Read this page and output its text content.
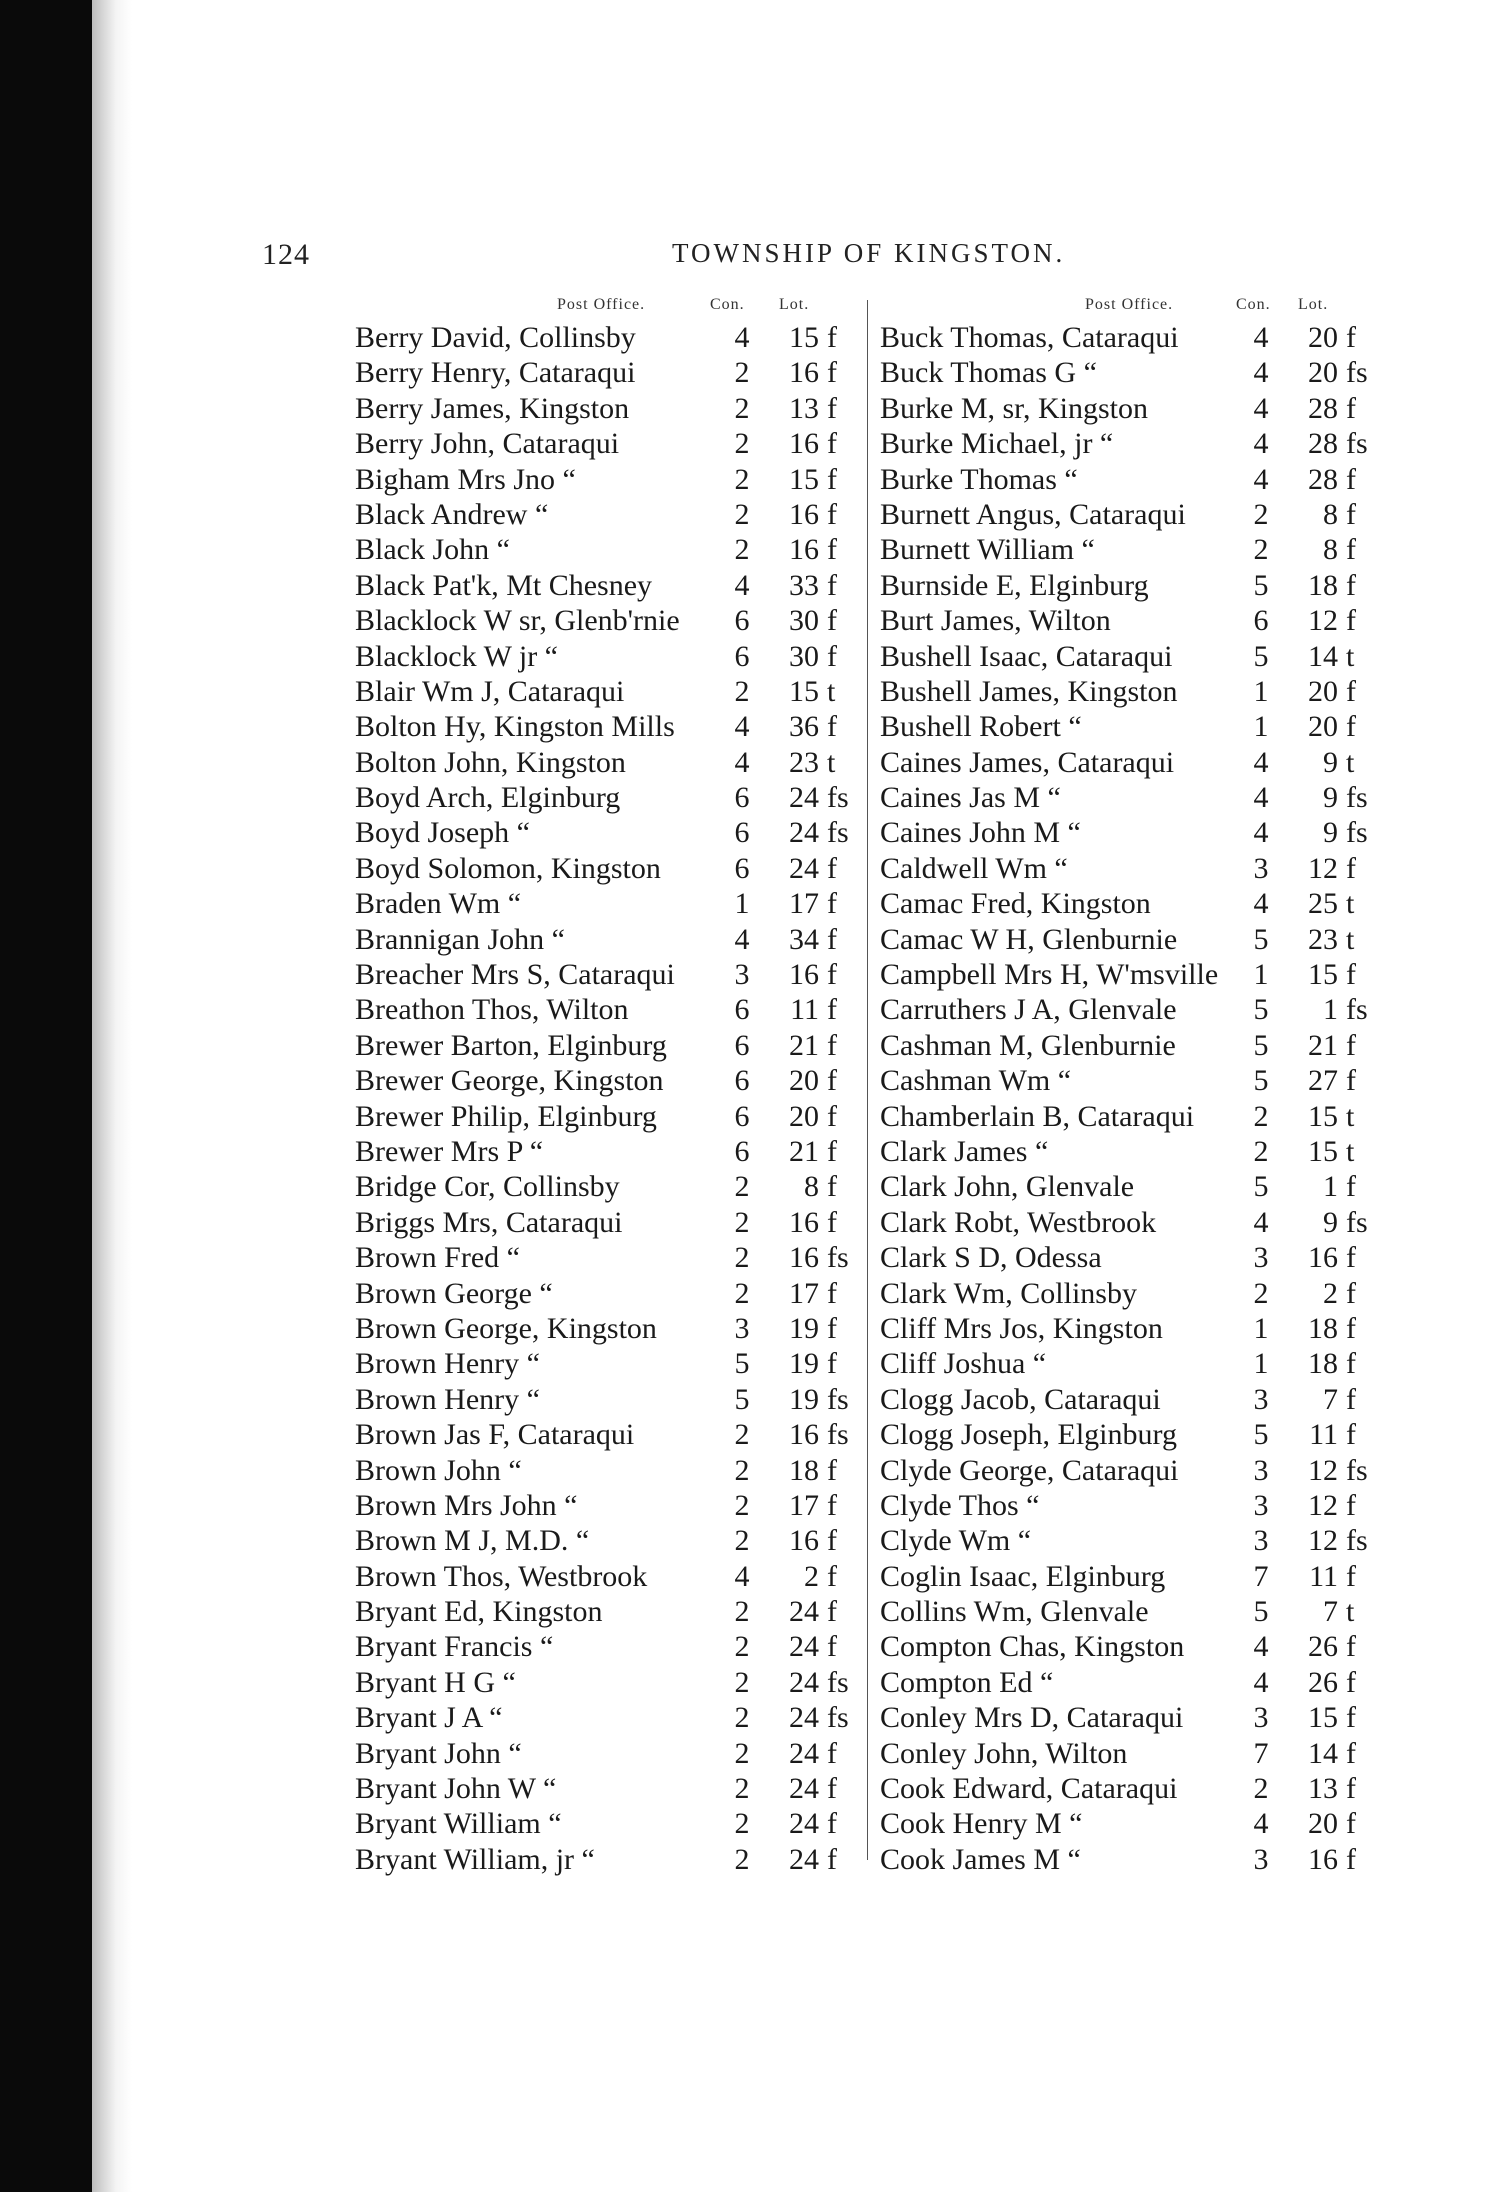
124	TOWNSHIP OF KINGSTON.
Post Office.	Con. Lot.
Berry David, Collinsby	4	15 f
Berry Henry, Cataraqui	2	16 f
Berry James, Kingston	2	13 f
Berry John, Cataraqui	2	16 f
Bigham Mrs Jno “	2	15 f
Black Andrew “	2	16 f
Black John “	2	16 f
Black Pat'k, Mt Chesney	4	33 f
Blacklock W sr, Glenb'rnie 6	30 f
Blacklock W jr “	6	30 f
Blair Wm J, Cataraqui	2	15 t
Bolton Hy, Kingston Mills 4	36 f
Bolton John, Kingston	4	23 t
Boyd Arch, Elginburg	6	24 fs
Boyd Joseph “	6	24 fs
Boyd Solomon, Kingston 6	24 f
Braden Wm “	1	17 f
Brannigan John “	4	34 f
Breacher Mrs S, Cataraqui 3	16 f
Breathon Thos, Wilton	6	11 f
Brewer Barton, Elginburg 6	21 f
Brewer George, Kingston 6	20 f
Brewer Philip, Elginburg	6	20 f
Brewer Mrs P “	6	21 f
Bridge Cor, Collinsby	2	8 f
Briggs Mrs, Cataraqui	2	16 f
Brown Fred “	2	16 fs
Brown George “	2	17 f
Brown George, Kingston	3	19 f
Brown Henry “	5	19 f
Brown Henry “	5	19 fs
Brown Jas F, Cataraqui	2	16 fs
Brown John “	2	18 f
Brown Mrs John “	2	17 f
Brown M J, M.D. “	2	16 f
Brown Thos, Westbrook	4	2 f
Bryant Ed, Kingston	2	24 f
Bryant Francis “	2	24 f
Bryant H G “	2	24 fs
Bryant J A “	2	24 fs
Bryant John “	2	24 f
Bryant John W “	2	24 f
Bryant William “	2	24 f
Bryant William, jr “	2	24 f
Post Office.	Con. Lot.
Buck Thomas, Cataraqui 4	20 f
Buck Thomas G “	4	20 fs
Burke M, sr, Kingston	4	28 f
Burke Michael, jr “	4	28 fs
Burke Thomas “	4	28 f
Burnett Angus, Cataraqui 2	8 f
Burnett William “	2	8 f
Burnside E, Elginburg	5	18 f
Burt James, Wilton	6	12 f
Bushell Isaac, Cataraqui	5	14 t
Bushell James, Kingston	1	20 f
Bushell Robert “	1	20 f
Caines James, Cataraqui	4	9 t
Caines Jas M “	4	9 fs
Caines John M “	4	9 fs
Caldwell Wm “	3	12 f
Camac Fred, Kingston	4	25 t
Camac W H, Glenburnie	5	23 t
Campbell Mrs H, W'msville 1	15 f
Carruthers J A, Glenvale	5	1 fs
Cashman M, Glenburnie	5	21 f
Cashman Wm “	5	27 f
Chamberlain B, Cataraqui 2	15 t
Clark James “	2	15 t
Clark John, Glenvale	5	1 f
Clark Robt, Westbrook	4	9 fs
Clark S D, Odessa	3	16 f
Clark Wm, Collinsby	2	2 f
Cliff Mrs Jos, Kingston	1	18 f
Cliff Joshua “	1	18 f
Clogg Jacob, Cataraqui	3	7 f
Clogg Joseph, Elginburg	5	11 f
Clyde George, Cataraqui 3	12 fs
Clyde Thos “	3	12 f
Clyde Wm “	3	12 fs
Coglin Isaac, Elginburg	7	11 f
Collins Wm, Glenvale	5	7 t
Compton Chas, Kingston 4	26 f
Compton Ed “	4	26 f
Conley Mrs D, Cataraqui 3	15 f
Conley John, Wilton	7	14 f
Cook Edward, Cataraqui	2	13 f
Cook Henry M “	4	20 f
Cook James M “	3	16 f
